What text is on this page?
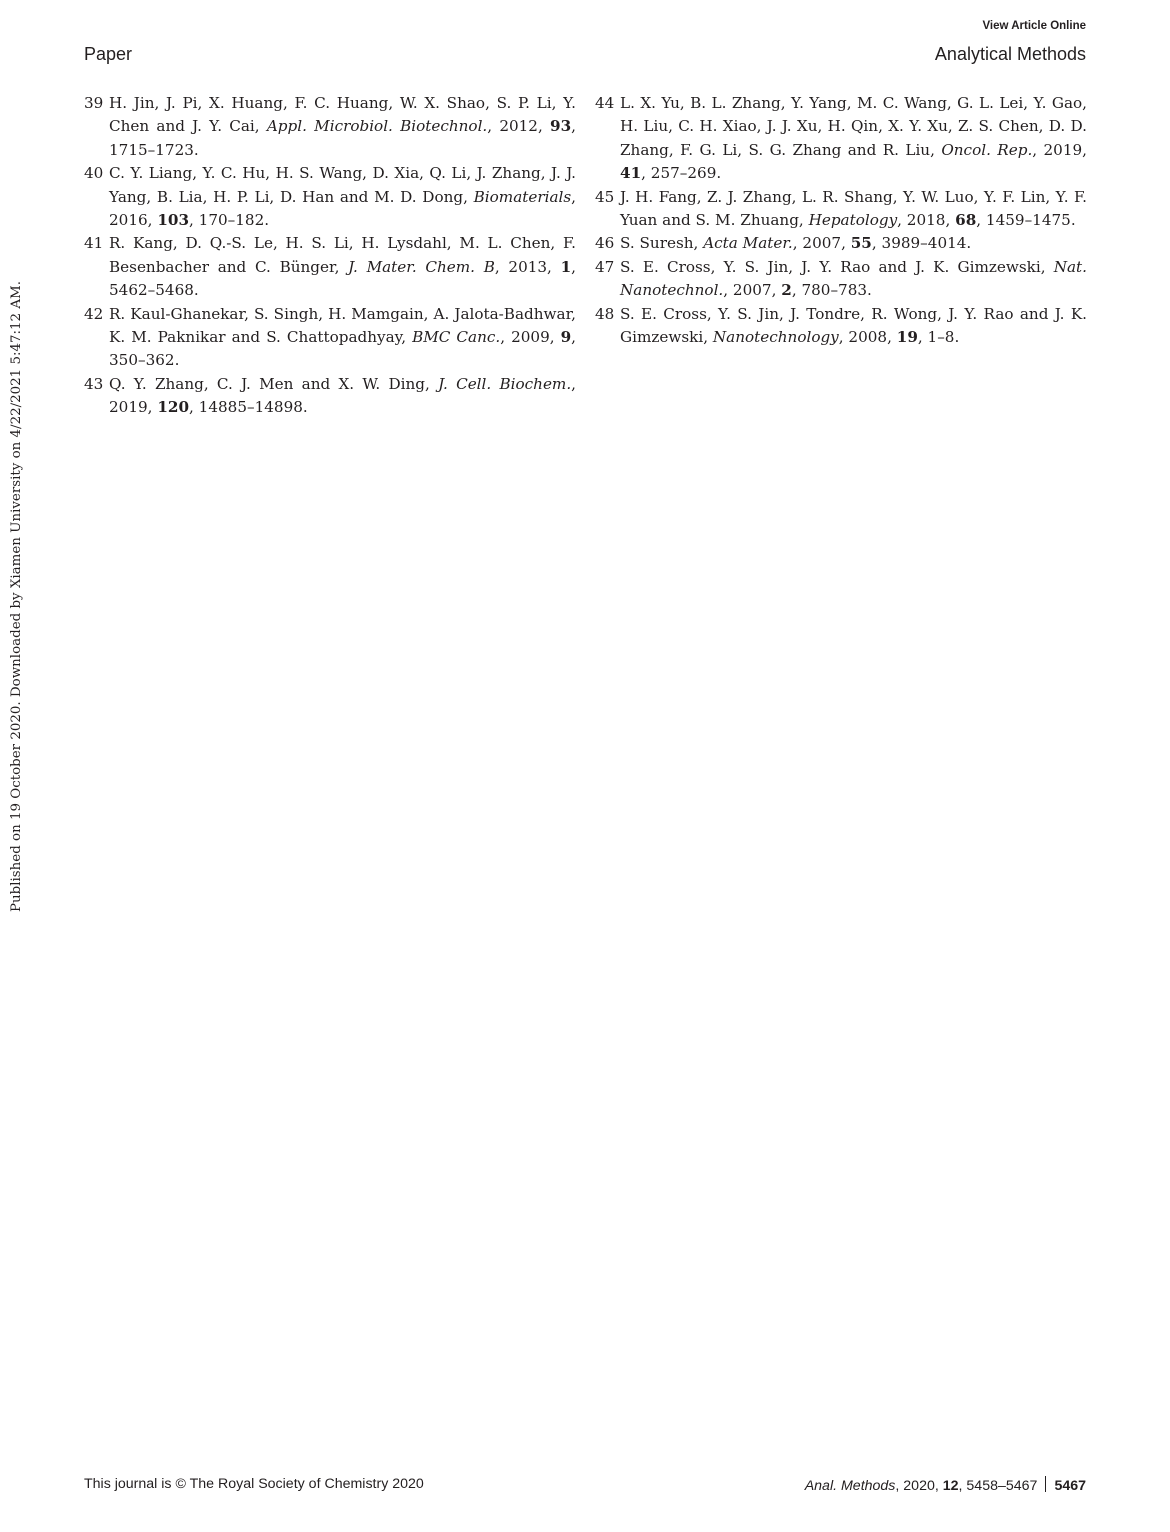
View Article Online
Paper	Analytical Methods
Published on 19 October 2020. Downloaded by Xiamen University on 4/22/2021 5:47:12 AM.
39 H. Jin, J. Pi, X. Huang, F. C. Huang, W. X. Shao, S. P. Li, Y. Chen and J. Y. Cai, Appl. Microbiol. Biotechnol., 2012, 93, 1715–1723.
40 C. Y. Liang, Y. C. Hu, H. S. Wang, D. Xia, Q. Li, J. Zhang, J. J. Yang, B. Lia, H. P. Li, D. Han and M. D. Dong, Biomaterials, 2016, 103, 170–182.
41 R. Kang, D. Q.-S. Le, H. S. Li, H. Lysdahl, M. L. Chen, F. Besenbacher and C. Bünger, J. Mater. Chem. B, 2013, 1, 5462–5468.
42 R. Kaul-Ghanekar, S. Singh, H. Mamgain, A. Jalota-Badhwar, K. M. Paknikar and S. Chattopadhyay, BMC Canc., 2009, 9, 350–362.
43 Q. Y. Zhang, C. J. Men and X. W. Ding, J. Cell. Biochem., 2019, 120, 14885–14898.
44 L. X. Yu, B. L. Zhang, Y. Yang, M. C. Wang, G. L. Lei, Y. Gao, H. Liu, C. H. Xiao, J. J. Xu, H. Qin, X. Y. Xu, Z. S. Chen, D. D. Zhang, F. G. Li, S. G. Zhang and R. Liu, Oncol. Rep., 2019, 41, 257–269.
45 J. H. Fang, Z. J. Zhang, L. R. Shang, Y. W. Luo, Y. F. Lin, Y. F. Yuan and S. M. Zhuang, Hepatology, 2018, 68, 1459–1475.
46 S. Suresh, Acta Mater., 2007, 55, 3989–4014.
47 S. E. Cross, Y. S. Jin, J. Y. Rao and J. K. Gimzewski, Nat. Nanotechnol., 2007, 2, 780–783.
48 S. E. Cross, Y. S. Jin, J. Tondre, R. Wong, J. Y. Rao and J. K. Gimzewski, Nanotechnology, 2008, 19, 1–8.
This journal is © The Royal Society of Chemistry 2020	Anal. Methods, 2020, 12, 5458–5467 5467
